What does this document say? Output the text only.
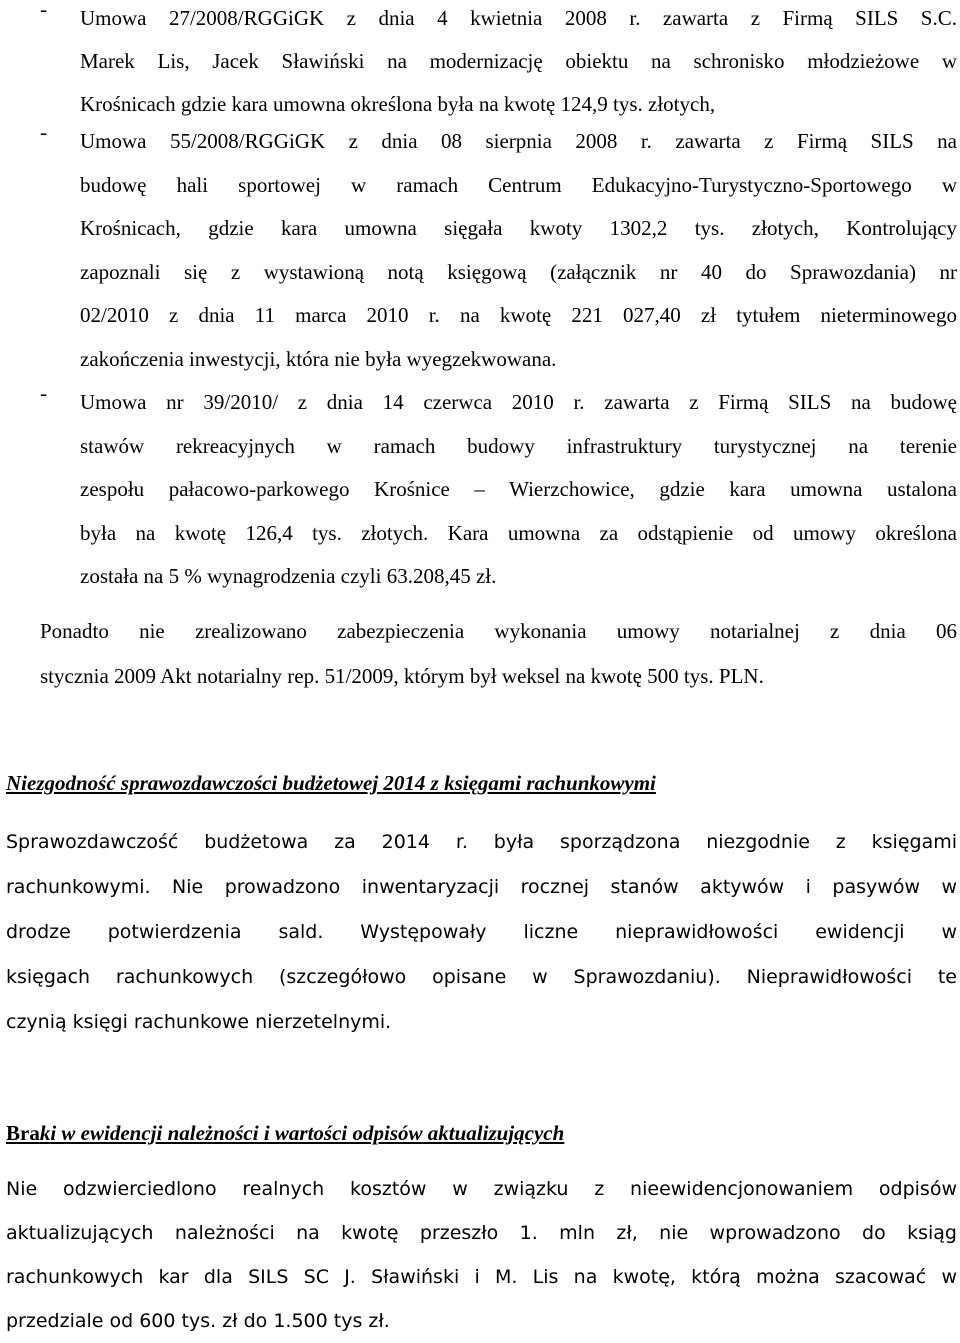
- Umowa 27/2008/RGGiGK z dnia 4 kwietnia 2008 r. zawarta z Firmą SILS S.C.
Marek Lis, Jacek Sławiński na modernizację obiektu na schronisko młodzieżowe w
Krośnicach gdzie kara umowna określona była na kwotę 124,9 tys. złotych,
- Umowa 55/2008/RGGiGK z dnia 08 sierpnia 2008 r. zawarta z Firmą SILS na
budowę hali sportowej w ramach Centrum Edukacyjno-Turystyczno-Sportowego w
Krośnicach, gdzie kara umowna sięgała kwoty 1302,2 tys. złotych, Kontrolujący
zapoznali się z wystawioną notą księgową (załącznik nr 40 do Sprawozdania) nr
02/2010 z dnia 11 marca 2010 r. na kwotę 221 027,40 zł tytułem nieterminowego
zakończenia inwestycji, która nie była wyegzekwowana.
- Umowa nr 39/2010/ z dnia 14 czerwca 2010 r. zawarta z Firmą SILS na budowę
stawów rekreacyjnych w ramach budowy infrastruktury turystycznej na terenie
zespołu pałacowo-parkowego Krośnice – Wierzchowice, gdzie kara umowna ustalona
była na kwotę 126,4 tys. złotych. Kara umowna za odstąpienie od umowy określona
została na 5 % wynagrodzenia czyli 63.208,45 zł.
Ponadto nie zrealizowano zabezpieczenia wykonania umowy notarialnej z dnia 06
stycznia 2009 Akt notarialny rep. 51/2009, którym był weksel na kwotę 500 tys. PLN.
Niezgodność sprawozdawczości budżetowej 2014 z księgami rachunkowymi
Sprawozdawczość budżetowa za 2014 r. była sporządzona niezgodnie z księgami
rachunkowymi. Nie prowadzono inwentaryzacji rocznej stanów aktywów i pasywów w
drodze potwierdzenia sald. Występowały liczne nieprawidłowości ewidencji w
księgach rachunkowych (szczegółowo opisane w Sprawozdaniu). Nieprawidłowości te
czynią księgi rachunkowe nierzetelnymi.
Braki w ewidencji należności i wartości odpisów aktualizujących
Nie odzwierciedlono realnych kosztów w związku z nieewidencjonowaniem odpisów
aktualizujących należności na kwotę przeszło 1. mln zł, nie wprowadzono do ksiąg
rachunkowych kar dla SILS SC J. Sławiński i M. Lis na kwotę, którą można szacować w
przedziale od 600 tys. zł do 1.500 tys zł.
